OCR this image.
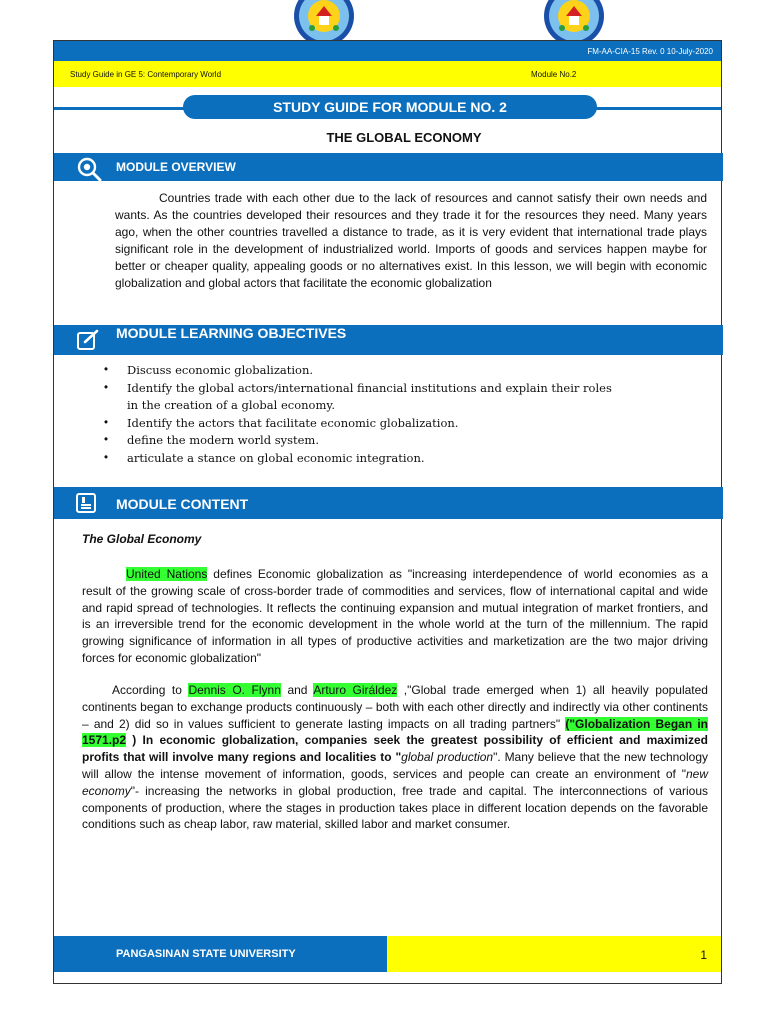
FM-AA-CIA-15 Rev. 0 10-July-2020
Study Guide in GE 5: Contemporary World	Module No.2
STUDY GUIDE FOR MODULE NO. 2
THE GLOBAL ECONOMY
MODULE OVERVIEW
Countries trade with each other due to the lack of resources and cannot satisfy their own needs and wants. As the countries developed their resources and they trade it for the resources they need. Many years ago, when the other countries travelled a distance to trade, as it is very evident that international trade plays significant role in the development of industrialized world. Imports of goods and services happen maybe for better or cheaper quality, appealing goods or no alternatives exist. In this lesson, we will begin with economic globalization and global actors that facilitate the economic globalization
MODULE LEARNING OBJECTIVES
• Discuss economic globalization.
• Identify the global actors/international financial institutions and explain their roles in the creation of a global economy.
• Identify the actors that facilitate economic globalization.
• define the modern world system.
• articulate a stance on global economic integration.
MODULE CONTENT
The Global Economy
United Nations defines Economic globalization as "increasing interdependence of world economies as a result of the growing scale of cross-border trade of commodities and services, flow of international capital and wide and rapid spread of technologies. It reflects the continuing expansion and mutual integration of market frontiers, and is an irreversible trend for the economic development in the whole world at the turn of the millennium. The rapid growing significance of information in all types of productive activities and marketization are the two major driving forces for economic globalization"
According to Dennis O. Flynn and Arturo Giráldez ,"Global trade emerged when 1) all heavily populated continents began to exchange products continuously – both with each other directly and indirectly via other continents – and 2) did so in values sufficient to generate lasting impacts on all trading partners" ("Globalization Began in 1571.p2 ) In economic globalization, companies seek the greatest possibility of efficient and maximized profits that will involve many regions and localities to "global production". Many believe that the new technology will allow the intense movement of information, goods, services and people can create an environment of "new economy"- increasing the networks in global production, free trade and capital. The interconnections of various components of production, where the stages in production takes place in different location depends on the favorable conditions such as cheap labor, raw material, skilled labor and market consumer.
PANGASINAN STATE UNIVERSITY	1
